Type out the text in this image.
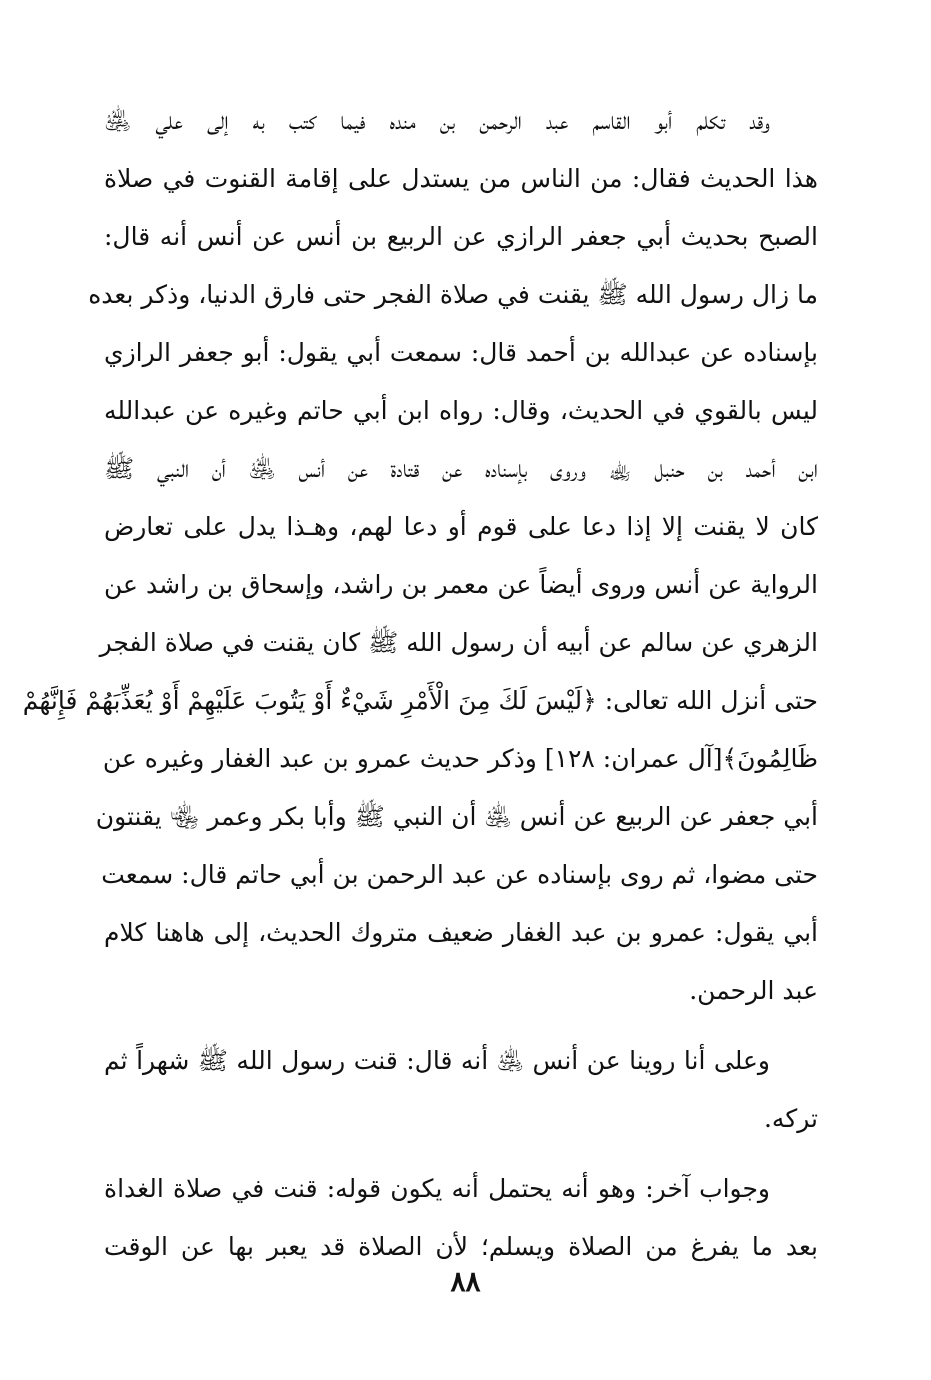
وقد تكلم أبو القاسم عبد الرحمن بن منده فيما كتب به إلى علي ﵁
هذا الحديث فقال: من الناس من يستدل على إقامة القنوت في صلاة
الصبح بحديث أبي جعفر الرازي عن الربيع بن أنس عن أنس أنه قال:
ما زال رسول الله ﷺ يقنت في صلاة الفجر حتى فارق الدنيا، وذكر بعده
بإسناده عن عبدالله بن أحمد قال: سمعت أبي يقول: أبو جعفر الرازي
ليس بالقوي في الحديث، وقال: رواه ابن أبي حاتم وغيره عن عبدالله
ابن أحمد بن حنبل ﵀ وروى بإسناده عن قتادة عن أنس ﵁ أن النبي ﷺ
كان لا يقنت إلا إذا دعا على قوم أو دعا لهم، وهـذا يدل على تعارض
الرواية عن أنس وروى أيضاً عن معمر بن راشد، وإسحاق بن راشد عن
الزهري عن سالم عن أبيه أن رسول الله ﷺ كان يقنت في صلاة الفجر
حتى أنزل الله تعالى: ﴿لَيْسَ لَكَ مِنَ الْأَمْرِ شَيْءٌ أَوْ يَتُوبَ عَلَيْهِمْ أَوْ يُعَذِّبَهُمْ فَإِنَّهُمْ
ظَالِمُونَ﴾[آل عمران: ١٢٨] وذكر حديث عمرو بن عبد الغفار وغيره عن
أبي جعفر عن الربيع عن أنس ﵁ أن النبي ﷺ وأبا بكر وعمر ﵄ يقنتون
حتى مضوا، ثم روى بإسناده عن عبد الرحمن بن أبي حاتم قال: سمعت
أبي يقول: عمرو بن عبد الغفار ضعيف متروك الحديث، إلى هاهنا كلام
عبد الرحمن.
وعلى أنا روينا عن أنس ﵁ أنه قال: قنت رسول الله ﷺ شهراً ثم
تركه.
وجواب آخر: وهو أنه يحتمل أنه يكون قوله: قنت في صلاة الغداة
بعد ما يفرغ من الصلاة ويسلم؛ لأن الصلاة قد يعبر بها عن الوقت
٨٨
